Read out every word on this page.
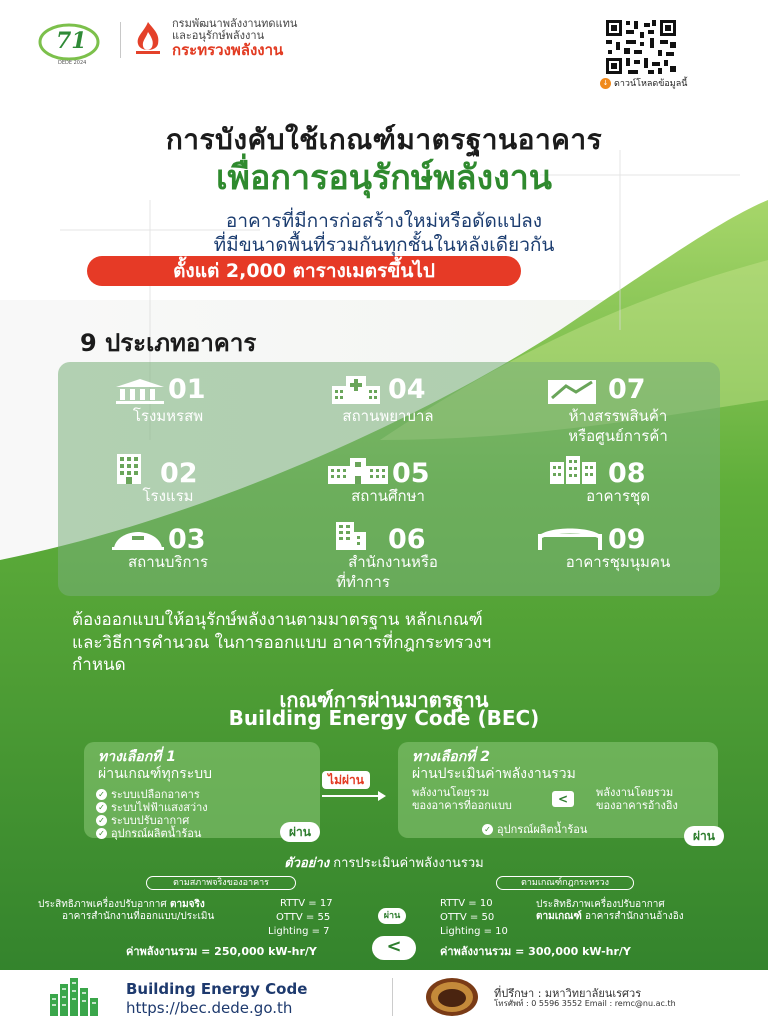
71
DEDE 2024
กรมพัฒนาพลังงานทดแทน
และอนุรักษ์พลังงาน
กระทรวงพลังงาน
↓ ดาวน์โหลดข้อมูลนี้
การบังคับใช้เกณฑ์มาตรฐานอาคาร
เพื่อการอนุรักษ์พลังงาน
อาคารที่มีการก่อสร้างใหม่หรือดัดแปลง
ที่มีขนาดพื้นที่รวมกันทุกชั้นในหลังเดียวกัน
ตั้งแต่ 2,000 ตารางเมตรขึ้นไป
9 ประเภทอาคาร
01
โรงมหรสพ
02
โรงแรม
03
สถานบริการ
04
สถานพยาบาล
05
สถานศึกษา
06
สำนักงานหรือ
ที่ทำการ
07
ห้างสรรพสินค้า
หรือศูนย์การค้า
08
อาคารชุด
09
อาคารชุมนุมคน
ต้องออกแบบให้อนุรักษ์พลังงานตามมาตรฐาน หลักเกณฑ์
และวิธีการคำนวณ ในการออกแบบ อาคารที่กฎกระทรวงฯ
กำหนด
เกณฑ์การผ่านมาตรฐาน
Building Energy Code (BEC)
ทางเลือกที่ 1
ผ่านเกณฑ์ทุกระบบ
✓ ระบบเปลือกอาคาร
✓ ระบบไฟฟ้าแสงสว่าง
✓ ระบบปรับอากาศ
✓ อุปกรณ์ผลิตน้ำร้อน	ผ่าน
ไม่ผ่าน
ทางเลือกที่ 2
ผ่านประเมินค่าพลังงานรวม
พลังงานโดยรวม
ของอาคารที่ออกแบบ
พลังงานโดยรวม
ของอาคารอ้างอิง
✓ อุปกรณ์ผลิตน้ำร้อน	ผ่าน
<
ตัวอย่าง การประเมินค่าพลังงานรวม
ตามสภาพจริงของอาคาร	ตามเกณฑ์กฎกระทรวง
ประสิทธิภาพเครื่องปรับอากาศ ตามจริง
อาคารสำนักงานที่ออกแบบ/ประเมิน
RTTV = 17
OTTV = 55
Lighting = 7
ผ่าน
RTTV = 10
OTTV = 50
Lighting = 10
ประสิทธิภาพเครื่องปรับอากาศ
ตามเกณฑ์ อาคารสำนักงานอ้างอิง
ค่าพลังงานรวม = 250,000 kW-hr/Y	<	ค่าพลังงานรวม = 300,000 kW-hr/Y
Building Energy Code
https://bec.dede.go.th
ที่ปรึกษา : มหาวิทยาลัยนเรศวร
โทรศัพท์ : 0 5596 3552 Email : remc@nu.ac.th
